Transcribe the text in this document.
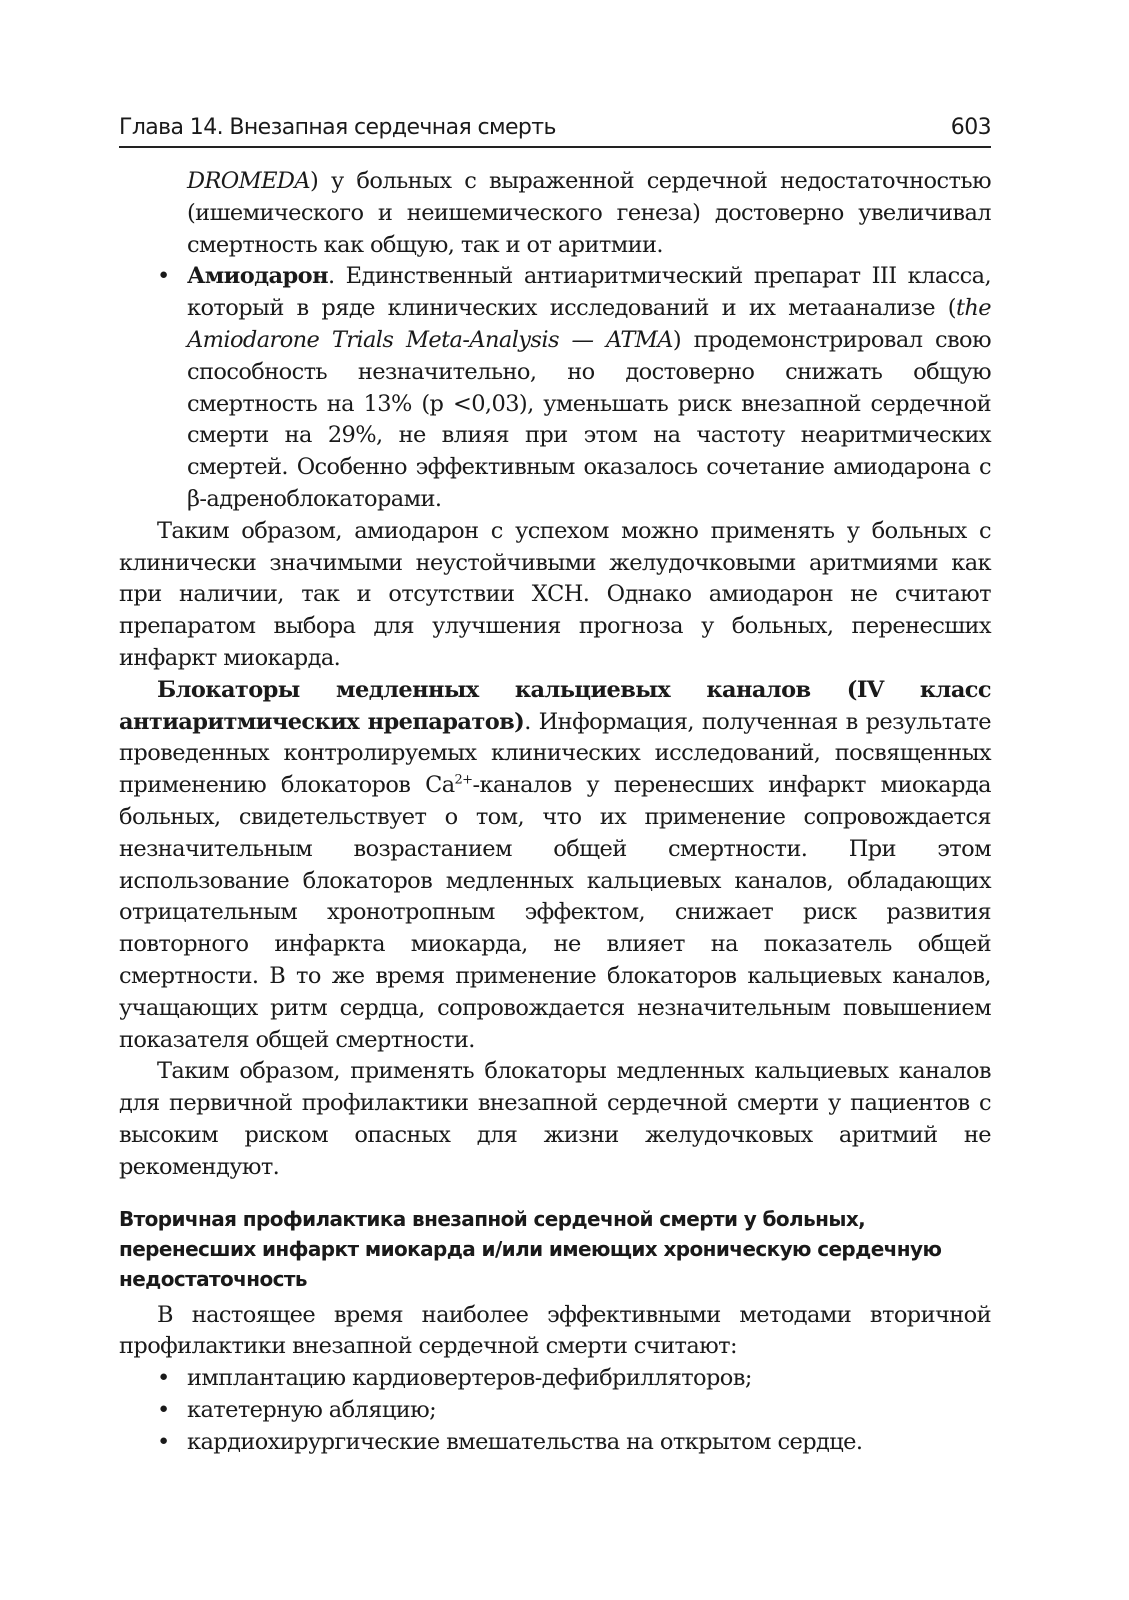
Глава 14. Внезапная сердечная смерть	603

DROMEDA) у больных с выраженной сердечной недостаточностью (ишемического и неишемического генеза) достоверно увеличивал смертность как общую, так и от аритмии.

• Амиодарон. Единственный антиаритмический препарат III класса, который в ряде клинических исследований и их метаанализе (the Amiodarone Trials Meta-Analysis — ATMA) продемонстрировал свою способность незначительно, но достоверно снижать общую смертность на 13% (p <0,03), уменьшать риск внезапной сердечной смерти на 29%, не влияя при этом на частоту неаритмических смертей. Особенно эффективным оказалось сочетание амиодарона с β-адреноблокаторами.

Таким образом, амиодарон с успехом можно применять у больных с клинически значимыми неустойчивыми желудочковыми аритмиями как при наличии, так и отсутствии ХСН. Однако амиодарон не считают препаратом выбора для улучшения прогноза у больных, перенесших инфаркт миокарда.

Блокаторы медленных кальциевых каналов (IV класс антиаритмических нрепаратов). Информация, полученная в результате проведенных контролируемых клинических исследований, посвященных применению блокаторов $Ca^{2+}$-каналов у перенесших инфаркт миокарда больных, свидетельствует о том, что их применение сопровождается незначительным возрастанием общей смертности. При этом использование блокаторов медленных кальциевых каналов, обладающих отрицательным хронотропным эффектом, снижает риск развития повторного инфаркта миокарда, не влияет на показатель общей смертности. В то же время применение блокаторов кальциевых каналов, учащающих ритм сердца, сопровождается незначительным повышением показателя общей смертности.

Таким образом, применять блокаторы медленных кальциевых каналов для первичной профилактики внезапной сердечной смерти у пациентов с высоким риском опасных для жизни желудочковых аритмий не рекомендуют.

Вторичная профилактика внезапной сердечной смерти у больных, перенесших инфаркт миокарда и/или имеющих хроническую сердечную недостаточность

В настоящее время наиболее эффективными методами вторичной профилактики внезапной сердечной смерти считают:

• имплантацию кардиовертеров-дефибрилляторов;
• катетерную абляцию;
• кардиохирургические вмешательства на открытом сердце.
